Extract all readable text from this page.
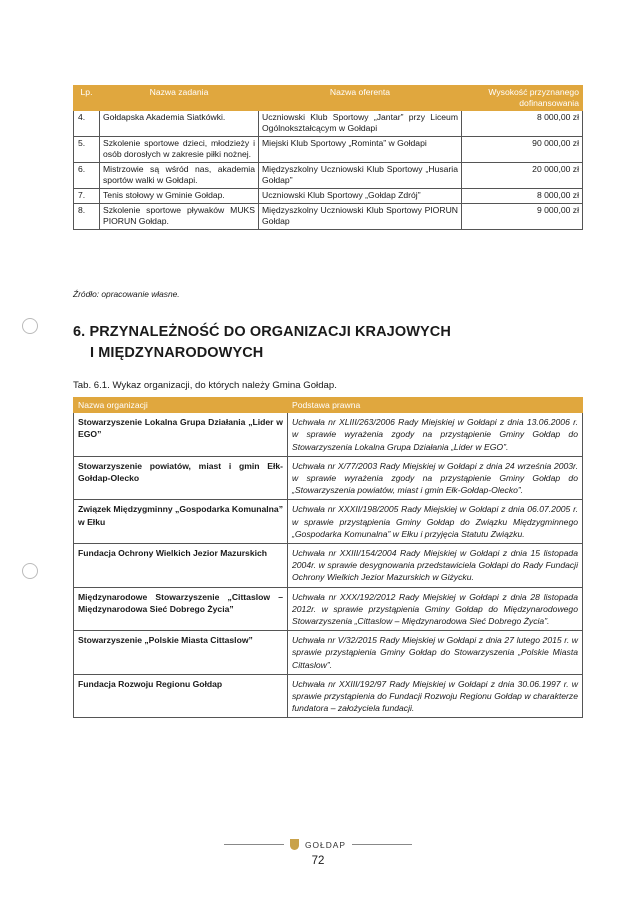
Lp.	Nazwa zadania	Nazwa oferenta	Wysokość przyznanego dofinansowania
4.	Gołdapska Akademia Siatkówki.	Uczniowski Klub Sportowy „Jantar” przy Liceum Ogólnokształcącym w Gołdapi	8 000,00 zł
5.	Szkolenie sportowe dzieci, młodzieży i osób dorosłych w zakresie piłki nożnej.	Miejski Klub Sportowy „Rominta” w Gołdapi	90 000,00 zł
6.	Mistrzowie są wśród nas, akademia sportów walki w Gołdapi.	Międzyszkolny Uczniowski Klub Sportowy „Husaria Gołdap”	20 000,00 zł
7.	Tenis stołowy w Gminie Gołdap.	Uczniowski Klub Sportowy „Gołdap Zdrój”	8 000,00 zł
8.	Szkolenie sportowe pływaków MUKS PIORUN Gołdap.	Międzyszkolny Uczniowski Klub Sportowy PIORUN Gołdap	9 000,00 zł
Źródło: opracowanie własne.
6. PRZYNALEŻNOŚĆ DO ORGANIZACJI KRAJOWYCH
I MIĘDZYNARODOWYCH
Tab. 6.1. Wykaz organizacji, do których należy Gmina Gołdap.
Nazwa organizacji	Podstawa prawna
Stowarzyszenie Lokalna Grupa Działania „Lider w EGO”	Uchwała nr XLIII/263/2006 Rady Miejskiej w Gołdapi z dnia 13.06.2006 r. w sprawie wyrażenia zgody na przystąpienie Gminy Gołdap do Stowarzyszenia Lokalna Grupa Działania „Lider w EGO”.
Stowarzyszenie powiatów, miast i gmin Ełk-Gołdap-Olecko	Uchwała nr X/77/2003 Rady Miejskiej w Gołdapi z dnia 24 września 2003r. w sprawie wyrażenia zgody na przystąpienie Gminy Gołdap do „Stowarzyszenia powiatów, miast i gmin Ełk-Gołdap-Olecko”.
Związek Międzygminny „Gospodarka Komunalna” w Ełku	Uchwała nr XXXII/198/2005 Rady Miejskiej w Gołdapi z dnia 06.07.2005 r. w sprawie przystąpienia Gminy Gołdap do Związku Międzygminnego „Gospodarka Komunalna” w Ełku i przyjęcia Statutu Związku.
Fundacja Ochrony Wielkich Jezior Mazurskich	Uchwała nr XXIII/154/2004 Rady Miejskiej w Gołdapi z dnia 15 listopada 2004r. w sprawie desygnowania przedstawiciela Gołdapi do Rady Fundacji Ochrony Wielkich Jezior Mazurskich w Giżycku.
Międzynarodowe Stowarzyszenie „Cittaslow – Międzynarodowa Sieć Dobrego Życia”	Uchwała nr XXX/192/2012 Rady Miejskiej w Gołdapi z dnia 28 listopada 2012r. w sprawie przystąpienia Gminy Gołdap do Międzynarodowego Stowarzyszenia „Cittaslow – Międzynarodowa Sieć Dobrego Życia”.
Stowarzyszenie „Polskie Miasta Cittaslow”	Uchwała nr V/32/2015 Rady Miejskiej w Gołdapi z dnia 27 lutego 2015 r. w sprawie przystąpienia Gminy Gołdap do Stowarzyszenia „Polskie Miasta Cittaslow”.
Fundacja Rozwoju Regionu Gołdap	Uchwała nr XXIII/192/97 Rady Miejskiej w Gołdapi z dnia 30.06.1997 r. w sprawie przystąpienia do Fundacji Rozwoju Regionu Gołdap w charakterze fundatora – założyciela fundacji.
GOŁDAP
72
